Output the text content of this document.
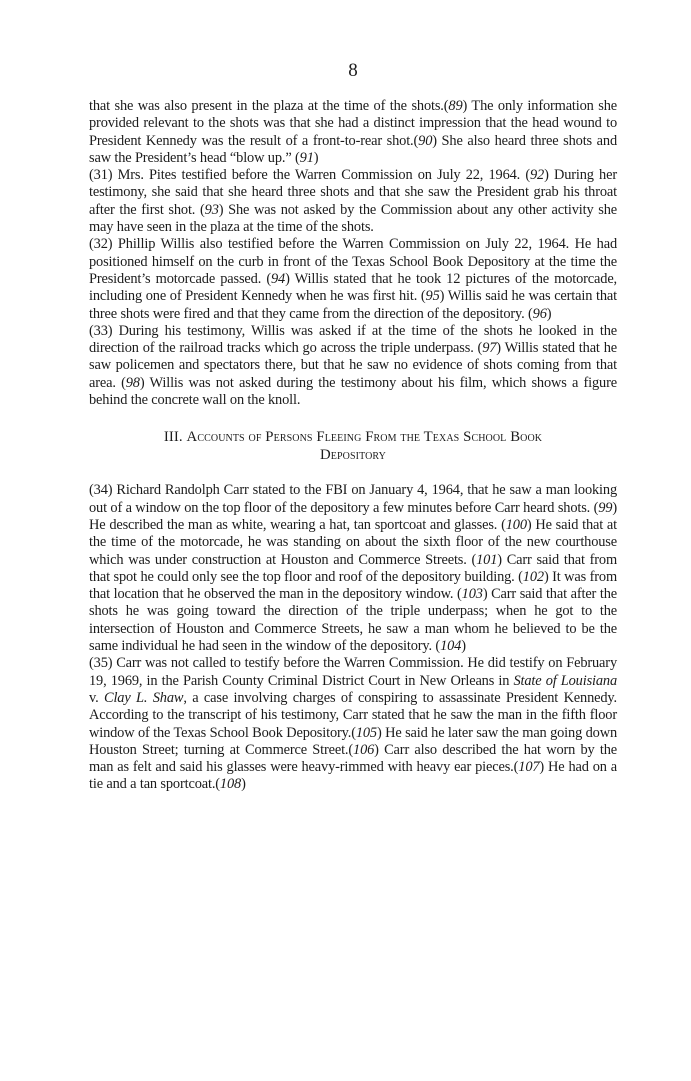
8

that she was also present in the plaza at the time of the shots.(89) The only information she provided relevant to the shots was that she had a distinct impression that the head wound to President Kennedy was the result of a front-to-rear shot.(90) She also heard three shots and saw the President’s head “blow up.” (91)

(31) Mrs. Pites testified before the Warren Commission on July 22, 1964. (92) During her testimony, she said that she heard three shots and that she saw the President grab his throat after the first shot. (93) She was not asked by the Commission about any other activity she may have seen in the plaza at the time of the shots.

(32) Phillip Willis also testified before the Warren Commission on July 22, 1964. He had positioned himself on the curb in front of the Texas School Book Depository at the time the President’s motorcade passed. (94) Willis stated that he took 12 pictures of the motorcade, including one of President Kennedy when he was first hit. (95) Willis said he was certain that three shots were fired and that they came from the direction of the depository. (96)

(33) During his testimony, Willis was asked if at the time of the shots he looked in the direction of the railroad tracks which go across the triple underpass. (97) Willis stated that he saw policemen and spectators there, but that he saw no evidence of shots coming from that area. (98) Willis was not asked during the testimony about his film, which shows a figure behind the concrete wall on the knoll.

III. Accounts of Persons Fleeing From the Texas School Book
Depository

(34) Richard Randolph Carr stated to the FBI on January 4, 1964, that he saw a man looking out of a window on the top floor of the depository a few minutes before Carr heard shots. (99) He described the man as white, wearing a hat, tan sportcoat and glasses. (100) He said that at the time of the motorcade, he was standing on about the sixth floor of the new courthouse which was under construction at Houston and Commerce Streets. (101) Carr said that from that spot he could only see the top floor and roof of the depository building. (102) It was from that location that he observed the man in the depository window. (103) Carr said that after the shots he was going toward the direction of the triple underpass; when he got to the intersection of Houston and Commerce Streets, he saw a man whom he believed to be the same individual he had seen in the window of the depository. (104)

(35) Carr was not called to testify before the Warren Commission. He did testify on February 19, 1969, in the Parish County Criminal District Court in New Orleans in State of Louisiana v. Clay L. Shaw, a case involving charges of conspiring to assassinate President Kennedy. According to the transcript of his testimony, Carr stated that he saw the man in the fifth floor window of the Texas School Book Depository.(105) He said he later saw the man going down Houston Street; turning at Commerce Street.(106) Carr also described the hat worn by the man as felt and said his glasses were heavy-rimmed with heavy ear pieces.(107) He had on a tie and a tan sportcoat.(108)
